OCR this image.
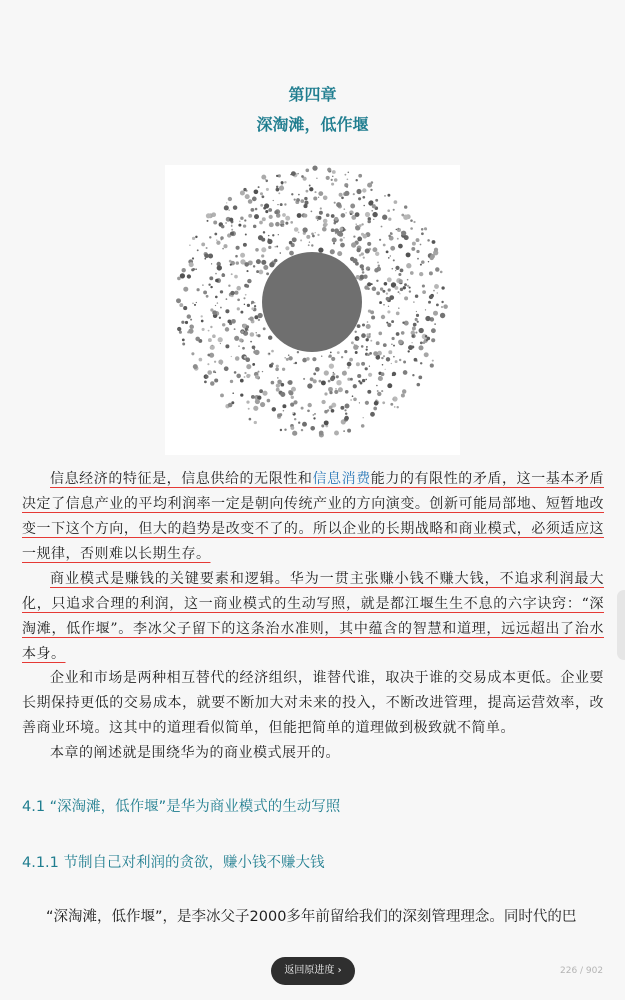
第四章
深淘滩，低作堰

信息经济的特征是，信息供给的无限性和信息消费能力的有限性的矛盾，这一基本矛盾决定了信息产业的平均利润率一定是朝向传统产业的方向演变。创新可能局部地、短暂地改变一下这个方向，但大的趋势是改变不了的。所以企业的长期战略和商业模式，必须适应这一规律，否则难以长期生存。

商业模式是赚钱的关键要素和逻辑。华为一贯主张赚小钱不赚大钱，不追求利润最大化，只追求合理的利润，这一商业模式的生动写照，就是都江堰生生不息的六字诀窍：“深淘滩，低作堰”。李冰父子留下的这条治水准则，其中蕴含的智慧和道理，远远超出了治水本身。

企业和市场是两种相互替代的经济组织，谁替代谁，取决于谁的交易成本更低。企业要长期保持更低的交易成本，就要不断加大对未来的投入，不断改进管理，提高运营效率，改善商业环境。这其中的道理看似简单，但能把简单的道理做到极致就不简单。

本章的阐述就是围绕华为的商业模式展开的。

4.1 “深淘滩，低作堰”是华为商业模式的生动写照
4.1.1 节制自己对利润的贪欲，赚小钱不赚大钱
“深淘滩，低作堰”，是李冰父子2000多年前留给我们的深刻管理理念。同时代的巴
返回原进度 ›	226 / 902
